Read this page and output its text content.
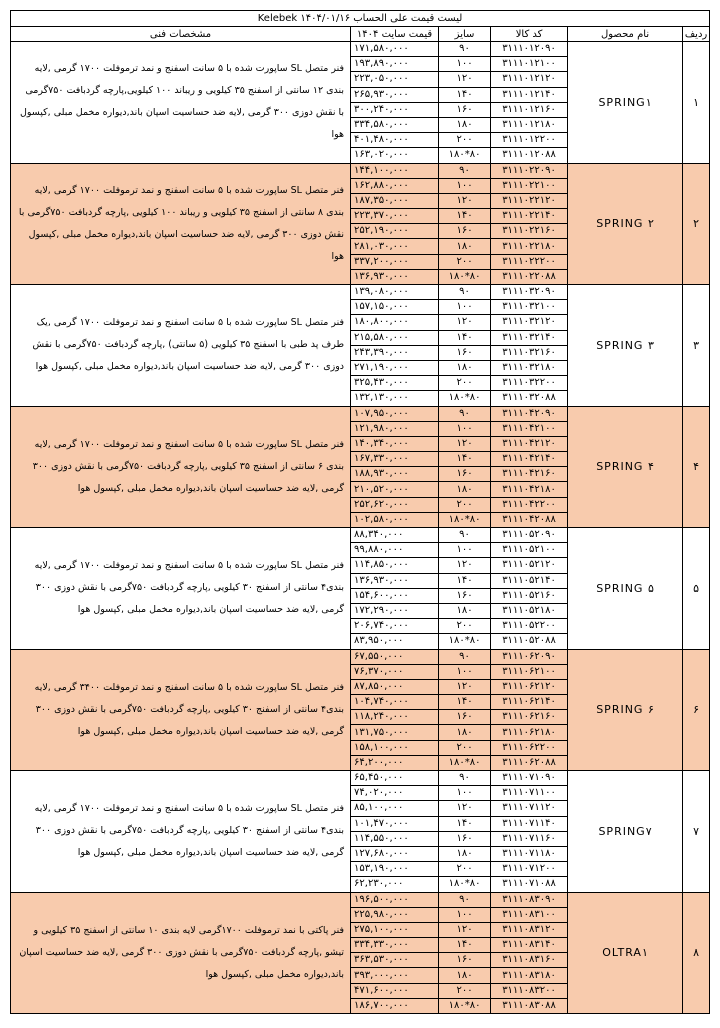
لیست قیمت علی الحساب ۱۴۰۴/۰۱/۱۶ Kelebek					
ردیف	نام محصول	کد کالا	سایز	قیمت سایت ۱۴۰۴	مشخصات فنی
۱	SPRING۱	۳۱۱۱۰۱۲۰۹۰	۹۰	۱۷۱,۵۸۰,۰۰۰	فنر متصل SL ساپورت شده با ۵ سانت اسفنج و نمد ترموفلت ۱۷۰۰ گرمی ,لایه بندی ۱۲ سانتی از اسفنج ۳۵ کیلویی و ریباند ۱۰۰ کیلویی,پارچه گردبافت ۷۵۰گرمی با نقش دوزی ۳۰۰ گرمی ,لایه ضد حساسیت اسپان باند,دیواره مخمل مبلی ,کپسول هوا
		۳۱۱۱۰۱۲۱۰۰	۱۰۰	۱۹۳,۸۹۰,۰۰۰	
		۳۱۱۱۰۱۲۱۲۰	۱۲۰	۲۲۳,۰۵۰,۰۰۰	
		۳۱۱۱۰۱۲۱۴۰	۱۴۰	۲۶۵,۹۳۰,۰۰۰	
		۳۱۱۱۰۱۲۱۶۰	۱۶۰	۳۰۰,۲۴۰,۰۰۰	
		۳۱۱۱۰۱۲۱۸۰	۱۸۰	۳۳۴,۵۸۰,۰۰۰	
		۳۱۱۱۰۱۲۲۰۰	۲۰۰	۴۰۱,۴۸۰,۰۰۰	
		۳۱۱۱۰۱۲۰۸۸	۸۰*۱۸۰	۱۶۳,۰۲۰,۰۰۰	
۲	SPRING ۲	۳۱۱۱۰۲۲۰۹۰	۹۰	۱۴۴,۱۰۰,۰۰۰	فنر متصل SL ساپورت شده با ۵ سانت اسفنج و نمد ترموفلت ۱۷۰۰ گرمی ,لایه بندی ۸ سانتی از اسفنج ۳۵ کیلویی و ریباند ۱۰۰ کیلویی ,پارچه گردبافت ۷۵۰گرمی با نقش دوزی ۳۰۰ گرمی ,لایه ضد حساسیت اسپان باند,دیواره مخمل مبلی ,کپسول هوا
		۳۱۱۱۰۲۲۱۰۰	۱۰۰	۱۶۲,۸۸۰,۰۰۰	
		۳۱۱۱۰۲۲۱۲۰	۱۲۰	۱۸۷,۳۵۰,۰۰۰	
		۳۱۱۱۰۲۲۱۴۰	۱۴۰	۲۲۳,۳۷۰,۰۰۰	
		۳۱۱۱۰۲۲۱۶۰	۱۶۰	۲۵۲,۱۹۰,۰۰۰	
		۳۱۱۱۰۲۲۱۸۰	۱۸۰	۲۸۱,۰۳۰,۰۰۰	
		۳۱۱۱۰۲۲۲۰۰	۲۰۰	۳۳۷,۲۰۰,۰۰۰	
		۳۱۱۱۰۲۲۰۸۸	۸۰*۱۸۰	۱۳۶,۹۳۰,۰۰۰	
۳	SPRING ۳	۳۱۱۱۰۳۲۰۹۰	۹۰	۱۳۹,۰۸۰,۰۰۰	فنر متصل SL ساپورت شده با ۵ سانت اسفنج و نمد ترموفلت ۱۷۰۰ گرمی ,یک طرف پد طبی با اسفنج ۳۵ کیلویی (۵ سانتی) ,پارچه گردبافت ۷۵۰گرمی با نقش دوزی ۳۰۰ گرمی ,لایه ضد حساسیت اسپان باند,دیواره مخمل مبلی ,کپسول هوا
		۳۱۱۱۰۳۲۱۰۰	۱۰۰	۱۵۷,۱۵۰,۰۰۰	
		۳۱۱۱۰۳۲۱۲۰	۱۲۰	۱۸۰,۸۰۰,۰۰۰	
		۳۱۱۱۰۳۲۱۴۰	۱۴۰	۲۱۵,۵۸۰,۰۰۰	
		۳۱۱۱۰۳۲۱۶۰	۱۶۰	۲۴۳,۳۹۰,۰۰۰	
		۳۱۱۱۰۳۲۱۸۰	۱۸۰	۲۷۱,۱۹۰,۰۰۰	
		۳۱۱۱۰۳۲۲۰۰	۲۰۰	۳۲۵,۴۳۰,۰۰۰	
		۳۱۱۱۰۳۲۰۸۸	۸۰*۱۸۰	۱۳۲,۱۳۰,۰۰۰	
۴	SPRING ۴	۳۱۱۱۰۴۲۰۹۰	۹۰	۱۰۷,۹۵۰,۰۰۰	فنر متصل SL ساپورت شده با ۵ سانت اسفنج و نمد ترموفلت ۱۷۰۰ گرمی ,لایه بندی ۶ سانتی از اسفنج ۳۵ کیلویی ,پارچه گردبافت ۷۵۰گرمی با نقش دوزی ۳۰۰ گرمی ,لایه ضد حساسیت اسپان باند,دیواره مخمل مبلی ,کپسول هوا
		۳۱۱۱۰۴۲۱۰۰	۱۰۰	۱۲۱,۹۸۰,۰۰۰	
		۳۱۱۱۰۴۲۱۲۰	۱۲۰	۱۴۰,۳۴۰,۰۰۰	
		۳۱۱۱۰۴۲۱۴۰	۱۴۰	۱۶۷,۳۳۰,۰۰۰	
		۳۱۱۱۰۴۲۱۶۰	۱۶۰	۱۸۸,۹۳۰,۰۰۰	
		۳۱۱۱۰۴۲۱۸۰	۱۸۰	۲۱۰,۵۲۰,۰۰۰	
		۳۱۱۱۰۴۲۲۰۰	۲۰۰	۲۵۲,۶۲۰,۰۰۰	
		۳۱۱۱۰۴۲۰۸۸	۸۰*۱۸۰	۱۰۲,۵۸۰,۰۰۰	
۵	SPRING ۵	۳۱۱۱۰۵۲۰۹۰	۹۰	۸۸,۳۴۰,۰۰۰	فنر متصل SL ساپورت شده با ۵ سانت اسفنج و نمد ترموفلت ۱۷۰۰ گرمی ,لایه بندی۴ سانتی از اسفنج ۳۰ کیلویی ,پارچه گردبافت ۷۵۰گرمی با نقش دوزی ۳۰۰ گرمی ,لایه ضد حساسیت اسپان باند,دیواره مخمل مبلی ,کپسول هوا
		۳۱۱۱۰۵۲۱۰۰	۱۰۰	۹۹,۸۸۰,۰۰۰	
		۳۱۱۱۰۵۲۱۲۰	۱۲۰	۱۱۴,۸۵۰,۰۰۰	
		۳۱۱۱۰۵۲۱۴۰	۱۴۰	۱۳۶,۹۳۰,۰۰۰	
		۳۱۱۱۰۵۲۱۶۰	۱۶۰	۱۵۴,۶۰۰,۰۰۰	
		۳۱۱۱۰۵۲۱۸۰	۱۸۰	۱۷۲,۲۹۰,۰۰۰	
		۳۱۱۱۰۵۲۲۰۰	۲۰۰	۲۰۶,۷۴۰,۰۰۰	
		۳۱۱۱۰۵۲۰۸۸	۸۰*۱۸۰	۸۳,۹۵۰,۰۰۰	
۶	SPRING ۶	۳۱۱۱۰۶۲۰۹۰	۹۰	۶۷,۵۵۰,۰۰۰	فنر متصل SL ساپورت شده با ۵ سانت اسفنج و نمد ترموفلت ۳۴۰۰ گرمی ,لایه بندی۴ سانتی از اسفنج ۳۰ کیلویی ,پارچه گردبافت ۷۵۰گرمی با نقش دوزی ۳۰۰ گرمی ,لایه ضد حساسیت اسپان باند,دیواره مخمل مبلی ,کپسول هوا
		۳۱۱۱۰۶۲۱۰۰	۱۰۰	۷۶,۳۷۰,۰۰۰	
		۳۱۱۱۰۶۲۱۲۰	۱۲۰	۸۷,۸۵۰,۰۰۰	
		۳۱۱۱۰۶۲۱۴۰	۱۴۰	۱۰۴,۷۴۰,۰۰۰	
		۳۱۱۱۰۶۲۱۶۰	۱۶۰	۱۱۸,۲۴۰,۰۰۰	
		۳۱۱۱۰۶۲۱۸۰	۱۸۰	۱۳۱,۷۵۰,۰۰۰	
		۳۱۱۱۰۶۲۲۰۰	۲۰۰	۱۵۸,۱۰۰,۰۰۰	
		۳۱۱۱۰۶۲۰۸۸	۸۰*۱۸۰	۶۴,۲۰۰,۰۰۰	
۷	SPRING۷	۳۱۱۱۰۷۱۰۹۰	۹۰	۶۵,۴۵۰,۰۰۰	فنر متصل SL ساپورت شده با ۵ سانت اسفنج و نمد ترموفلت ۱۷۰۰ گرمی ,لایه بندی۴ سانتی از اسفنج ۳۰ کیلویی ,پارچه گردبافت ۷۵۰گرمی با نقش دوزی ۳۰۰ گرمی ,لایه ضد حساسیت اسپان باند,دیواره مخمل مبلی ,کپسول هوا
		۳۱۱۱۰۷۱۱۰۰	۱۰۰	۷۴,۰۲۰,۰۰۰	
		۳۱۱۱۰۷۱۱۲۰	۱۲۰	۸۵,۱۰۰,۰۰۰	
		۳۱۱۱۰۷۱۱۴۰	۱۴۰	۱۰۱,۴۷۰,۰۰۰	
		۳۱۱۱۰۷۱۱۶۰	۱۶۰	۱۱۴,۵۵۰,۰۰۰	
		۳۱۱۱۰۷۱۱۸۰	۱۸۰	۱۲۷,۶۸۰,۰۰۰	
		۳۱۱۱۰۷۱۲۰۰	۲۰۰	۱۵۳,۱۹۰,۰۰۰	
		۳۱۱۱۰۷۱۰۸۸	۸۰*۱۸۰	۶۲,۲۳۰,۰۰۰	
۸	OLTRA۱	۳۱۱۱۰۸۳۰۹۰	۹۰	۱۹۶,۵۰۰,۰۰۰	فنر پاکتی با نمد ترموفلت ۱۷۰۰گرمی لایه بندی ۱۰ سانتی از اسفنج ۳۵ کیلویی و تیشو ,پارچه گردبافت ۷۵۰گرمی با نقش دوزی ۳۰۰ گرمی ,لایه ضد حساسیت اسپان باند,دیواره مخمل مبلی ,کپسول هوا
		۳۱۱۱۰۸۳۱۰۰	۱۰۰	۲۲۵,۹۸۰,۰۰۰	
		۳۱۱۱۰۸۳۱۲۰	۱۲۰	۲۷۵,۱۰۰,۰۰۰	
		۳۱۱۱۰۸۳۱۴۰	۱۴۰	۳۳۴,۳۳۰,۰۰۰	
		۳۱۱۱۰۸۳۱۶۰	۱۶۰	۳۶۳,۵۳۰,۰۰۰	
		۳۱۱۱۰۸۳۱۸۰	۱۸۰	۳۹۳,۰۰۰,۰۰۰	
		۳۱۱۱۰۸۳۲۰۰	۲۰۰	۴۷۱,۶۰۰,۰۰۰	
		۳۱۱۱۰۸۳۰۸۸	۸۰*۱۸۰	۱۸۶,۷۰۰,۰۰۰	
